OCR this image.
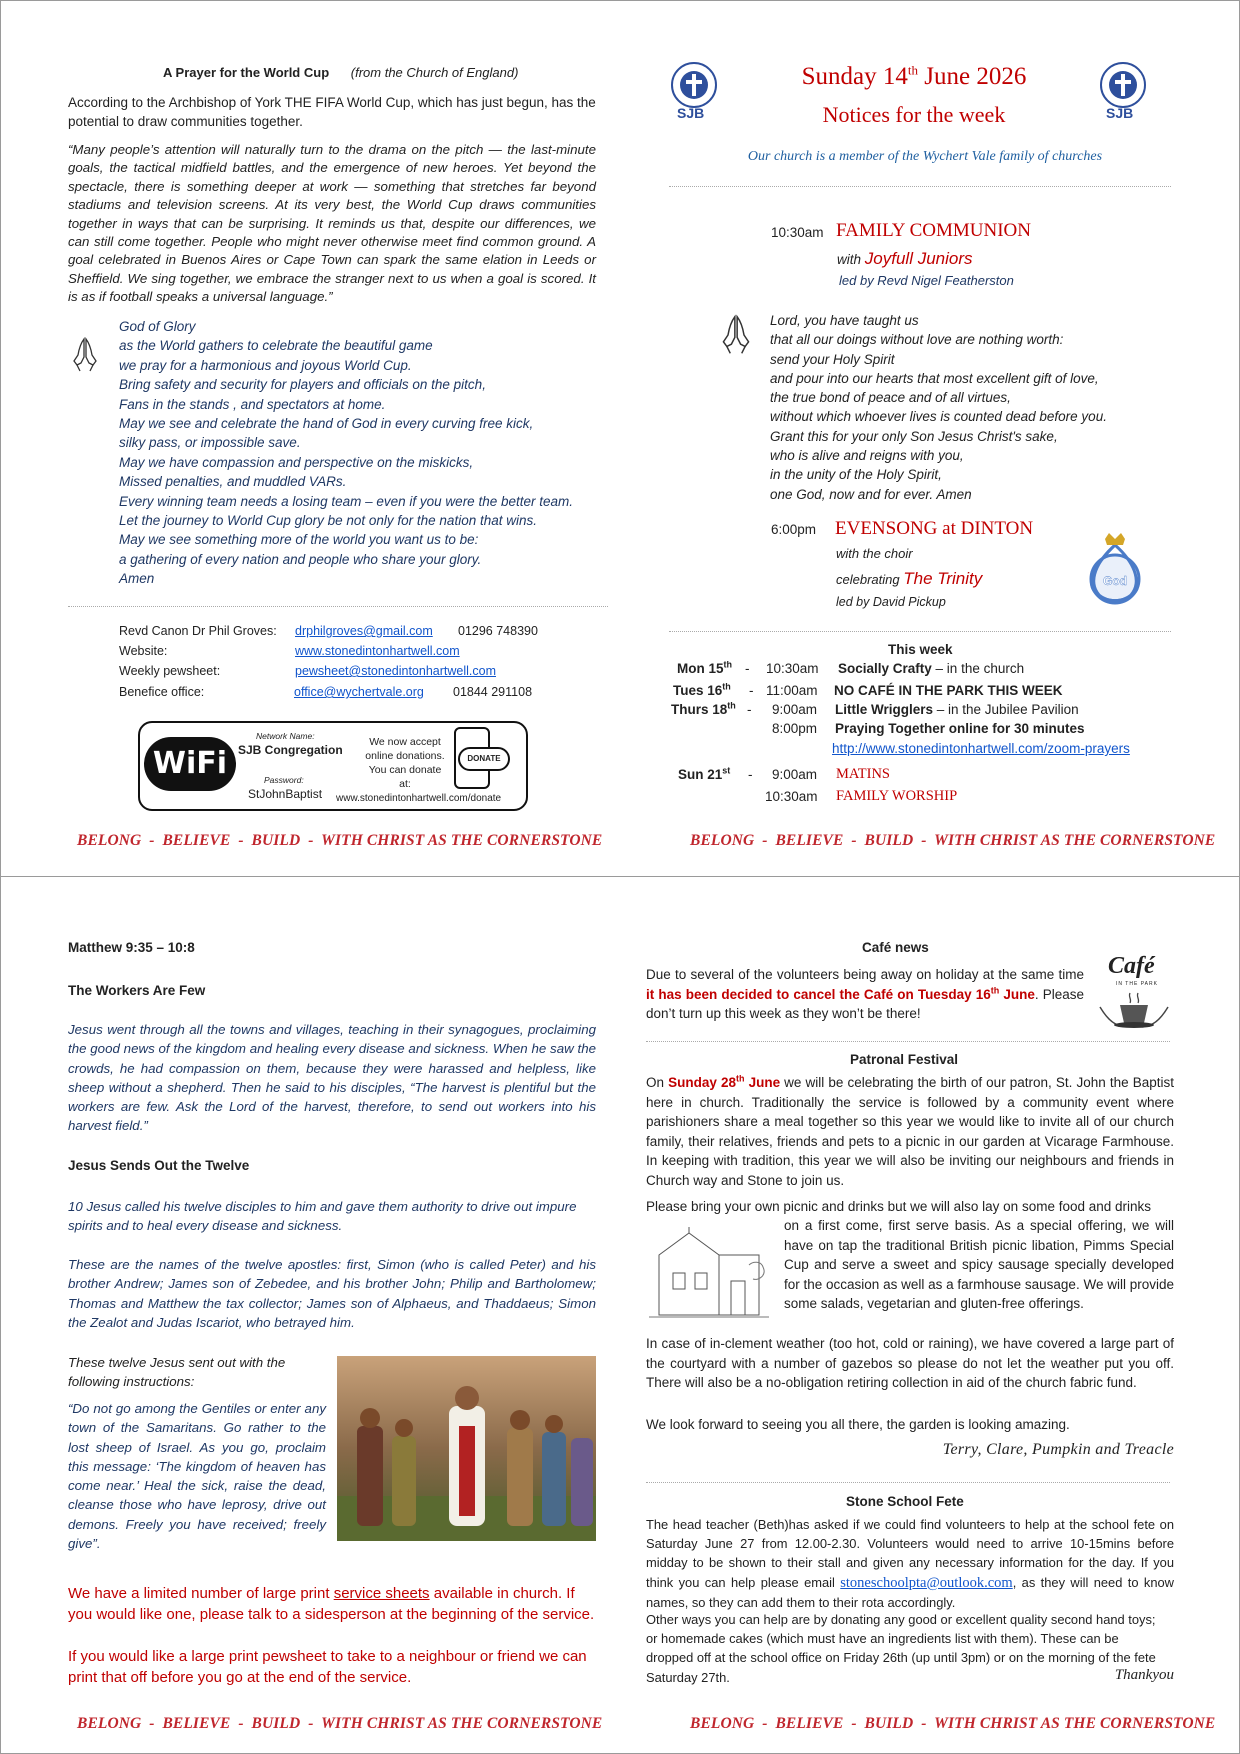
A Prayer for the World Cup (from the Church of England)
According to the Archbishop of York THE FIFA World Cup, which has just begun, has the potential to draw communities together.
“Many people’s attention will naturally turn to the drama on the pitch — the last-minute goals, the tactical midfield battles, and the emergence of new heroes. Yet beyond the spectacle, there is something deeper at work — something that stretches far beyond stadiums and television screens. At its very best, the World Cup draws communities together in ways that can be surprising. It reminds us that, despite our differences, we can still come together. People who might never otherwise meet find common ground. A goal celebrated in Buenos Aires or Cape Town can spark the same elation in Leeds or Sheffield. We sing together, we embrace the stranger next to us when a goal is scored. It is as if football speaks a universal language.”
God of Glory
as the World gathers to celebrate the beautiful game
we pray for a harmonious and joyous World Cup.
Bring safety and security for players and officials on the pitch,
Fans in the stands , and spectators at home.
May we see and celebrate the hand of God in every curving free kick,
silky pass, or impossible save.
May we have compassion and perspective on the miskicks,
Missed penalties, and muddled VARs.
Every winning team needs a losing team – even if you were the better team.
Let the journey to World Cup glory be not only for the nation that wins.
May we see something more of the world you want us to be:
a gathering of every nation and people who share your glory.
Amen
Revd Canon Dr Phil Groves: drphilgroves@gmail.com 01296 748390
Website:	www.stonedintonhartwell.com
Weekly pewsheet:	pewsheet@stonedintonhartwell.com
Benefice office:	office@wychertvale.org 01844 291108
WiFi
Network Name:
SJB Congregation
Password:
StJohnBaptist
We now accept
online donations.
You can donate at:
DONATE
www.stonedintonhartwell.com/donate
BELONG  -  BELIEVE  -  BUILD  -  WITH CHRIST AS THE CORNERSTONE
SJB	SJB
Sunday 14th June 2026
Notices for the week
Our church is a member of the Wychert Vale family of churches
10:30am FAMILY COMMUNION
with Joyfull Juniors
led by Revd Nigel Featherston
Lord, you have taught us
that all our doings without love are nothing worth:
send your Holy Spirit
and pour into our hearts that most excellent gift of love,
the true bond of peace and of all virtues,
without which whoever lives is counted dead before you.
Grant this for your only Son Jesus Christ's sake,
who is alive and reigns with you,
in the unity of the Holy Spirit,
one God, now and for ever. Amen
6:00pm EVENSONG at DINTON
with the choir
celebrating The Trinity
led by David Pickup
God
This week
Mon 15th - 10:30am Socially Crafty – in the church
Tues 16th - 11:00am NO CAFÉ IN THE PARK THIS WEEK
Thurs 18th - 9:00am Little Wrigglers – in the Jubilee Pavilion
8:00pm Praying Together online for 30 minutes
http://www.stonedintonhartwell.com/zoom-prayers
Sun 21st - 9:00am MATINS
10:30am FAMILY WORSHIP
BELONG  -  BELIEVE  -  BUILD  -  WITH CHRIST AS THE CORNERSTONE
Matthew 9:35 – 10:8
The Workers Are Few
Jesus went through all the towns and villages, teaching in their synagogues, proclaiming the good news of the kingdom and healing every disease and sickness. When he saw the crowds, he had compassion on them, because they were harassed and helpless, like sheep without a shepherd. Then he said to his disciples, “The harvest is plentiful but the workers are few. Ask the Lord of the harvest, therefore, to send out workers into his harvest field.”
Jesus Sends Out the Twelve
10 Jesus called his twelve disciples to him and gave them authority to drive out impure spirits and to heal every disease and sickness.
These are the names of the twelve apostles: first, Simon (who is called Peter) and his brother Andrew; James son of Zebedee, and his brother John; Philip and Bartholomew; Thomas and Matthew the tax collector; James son of Alphaeus, and Thaddaeus; Simon the Zealot and Judas Iscariot, who betrayed him.
These twelve Jesus sent out with the following instructions:
“Do not go among the Gentiles or enter any town of the Samaritans. Go rather to the lost sheep of Israel. As you go, proclaim this message: ‘The kingdom of heaven has come near.’ Heal the sick, raise the dead, cleanse those who have leprosy, drive out demons. Freely you have received; freely give”.
We have a limited number of large print service sheets available in church. If you would like one, please talk to a sidesperson at the beginning of the service.
If you would like a large print pewsheet to take to a neighbour or friend we can print that off before you go at the end of the service.
BELONG  -  BELIEVE  -  BUILD  -  WITH CHRIST AS THE CORNERSTONE
Café news
Due to several of the volunteers being away on holiday at the same time it has been decided to cancel the Café on Tuesday 16th June. Please don’t turn up this week as they won’t be there!
Café
IN THE PARK
Patronal Festival
On Sunday 28th June we will be celebrating the birth of our patron, St. John the Baptist here in church. Traditionally the service is followed by a community event where parishioners share a meal together so this year we would like to invite all of our church family, their relatives, friends and pets to a picnic in our garden at Vicarage Farmhouse. In keeping with tradition, this year we will also be inviting our neighbours and friends in Church way and Stone to join us.
Please bring your own picnic and drinks but we will also lay on some food and drinks
on a first come, first serve basis. As a special offering, we will have on tap the traditional British picnic libation, Pimms Special Cup and serve a sweet and spicy sausage specially developed for the occasion as well as a farmhouse sausage. We will provide some salads, vegetarian and gluten-free offerings.
In case of in-clement weather (too hot, cold or raining), we have covered a large part of the courtyard with a number of gazebos so please do not let the weather put you off. There will also be a no-obligation retiring collection in aid of the church fabric fund.
We look forward to seeing you all there, the garden is looking amazing.
Terry, Clare, Pumpkin and Treacle
Stone School Fete
The head teacher (Beth)has asked if we could find volunteers to help at the school fete on Saturday June 27 from 12.00-2.30. Volunteers would need to arrive 10-15mins before midday to be shown to their stall and given any necessary information for the day. If you think you can help please email stoneschoolpta@outlook.com, as they will need to know names, so they can add them to their rota accordingly.
Other ways you can help are by donating any good or excellent quality second hand toys; or homemade cakes (which must have an ingredients list with them). These can be dropped off at the school office on Friday 26th (up until 3pm) or on the morning of the fete Saturday 27th.	Thankyou
BELONG  -  BELIEVE  -  BUILD  -  WITH CHRIST AS THE CORNERSTONE
